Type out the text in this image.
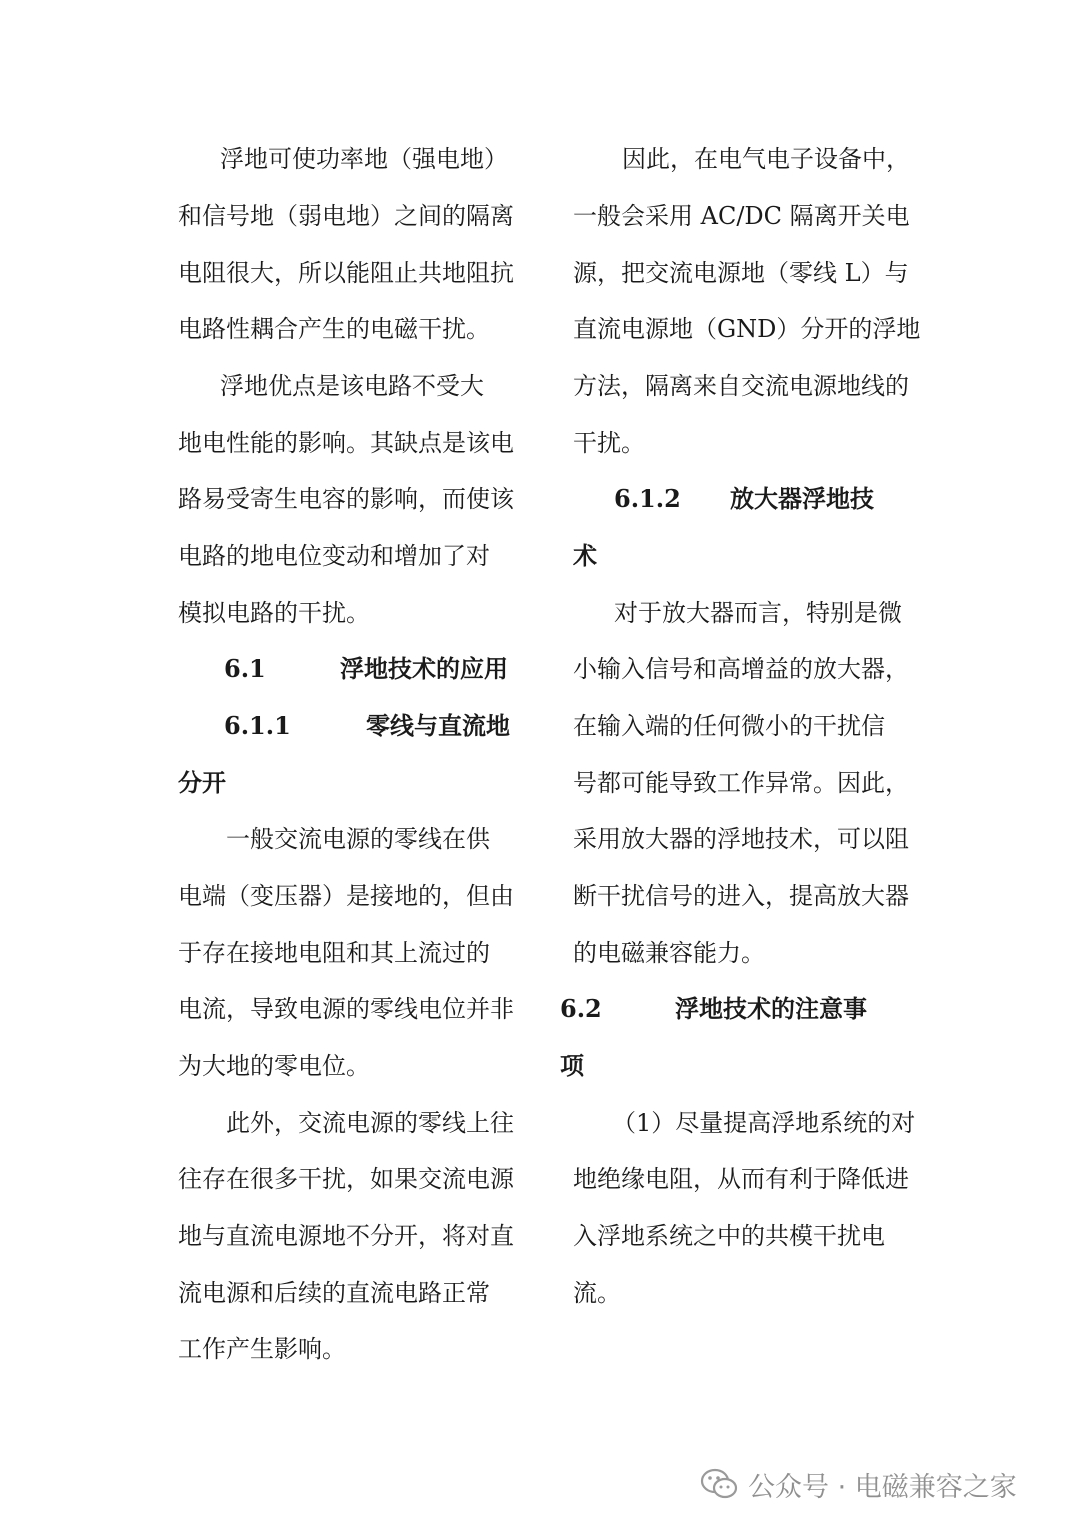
浮地可使功率地（强电地）
和信号地（弱电地）之间的隔离
电阻很大，所以能阻止共地阻抗
电路性耦合产生的电磁干扰。
浮地优点是该电路不受大
地电性能的影响。其缺点是该电
路易受寄生电容的影响，而使该
电路的地电位变动和增加了对
模拟电路的干扰。
6.1	浮地技术的应用
6.1.1	零线与直流地
分开
一般交流电源的零线在供
电端（变压器）是接地的，但由
于存在接地电阻和其上流过的
电流，导致电源的零线电位并非
为大地的零电位。
此外，交流电源的零线上往
往存在很多干扰，如果交流电源
地与直流电源地不分开，将对直
流电源和后续的直流电路正常
工作产生影响。
因此，在电气电子设备中，
一般会采用 AC/DC 隔离开关电
源，把交流电源地（零线 L）与
直流电源地（GND）分开的浮地
方法，隔离来自交流电源地线的
干扰。
6.1.2 放大器浮地技
术
对于放大器而言，特别是微
小输入信号和高增益的放大器，
在输入端的任何微小的干扰信
号都可能导致工作异常。因此，
采用放大器的浮地技术，可以阻
断干扰信号的进入，提高放大器
的电磁兼容能力。
6.2	浮地技术的注意事
项
（1）尽量提高浮地系统的对
地绝缘电阻，从而有利于降低进
入浮地系统之中的共模干扰电
流。
公众号 · 电磁兼容之家
